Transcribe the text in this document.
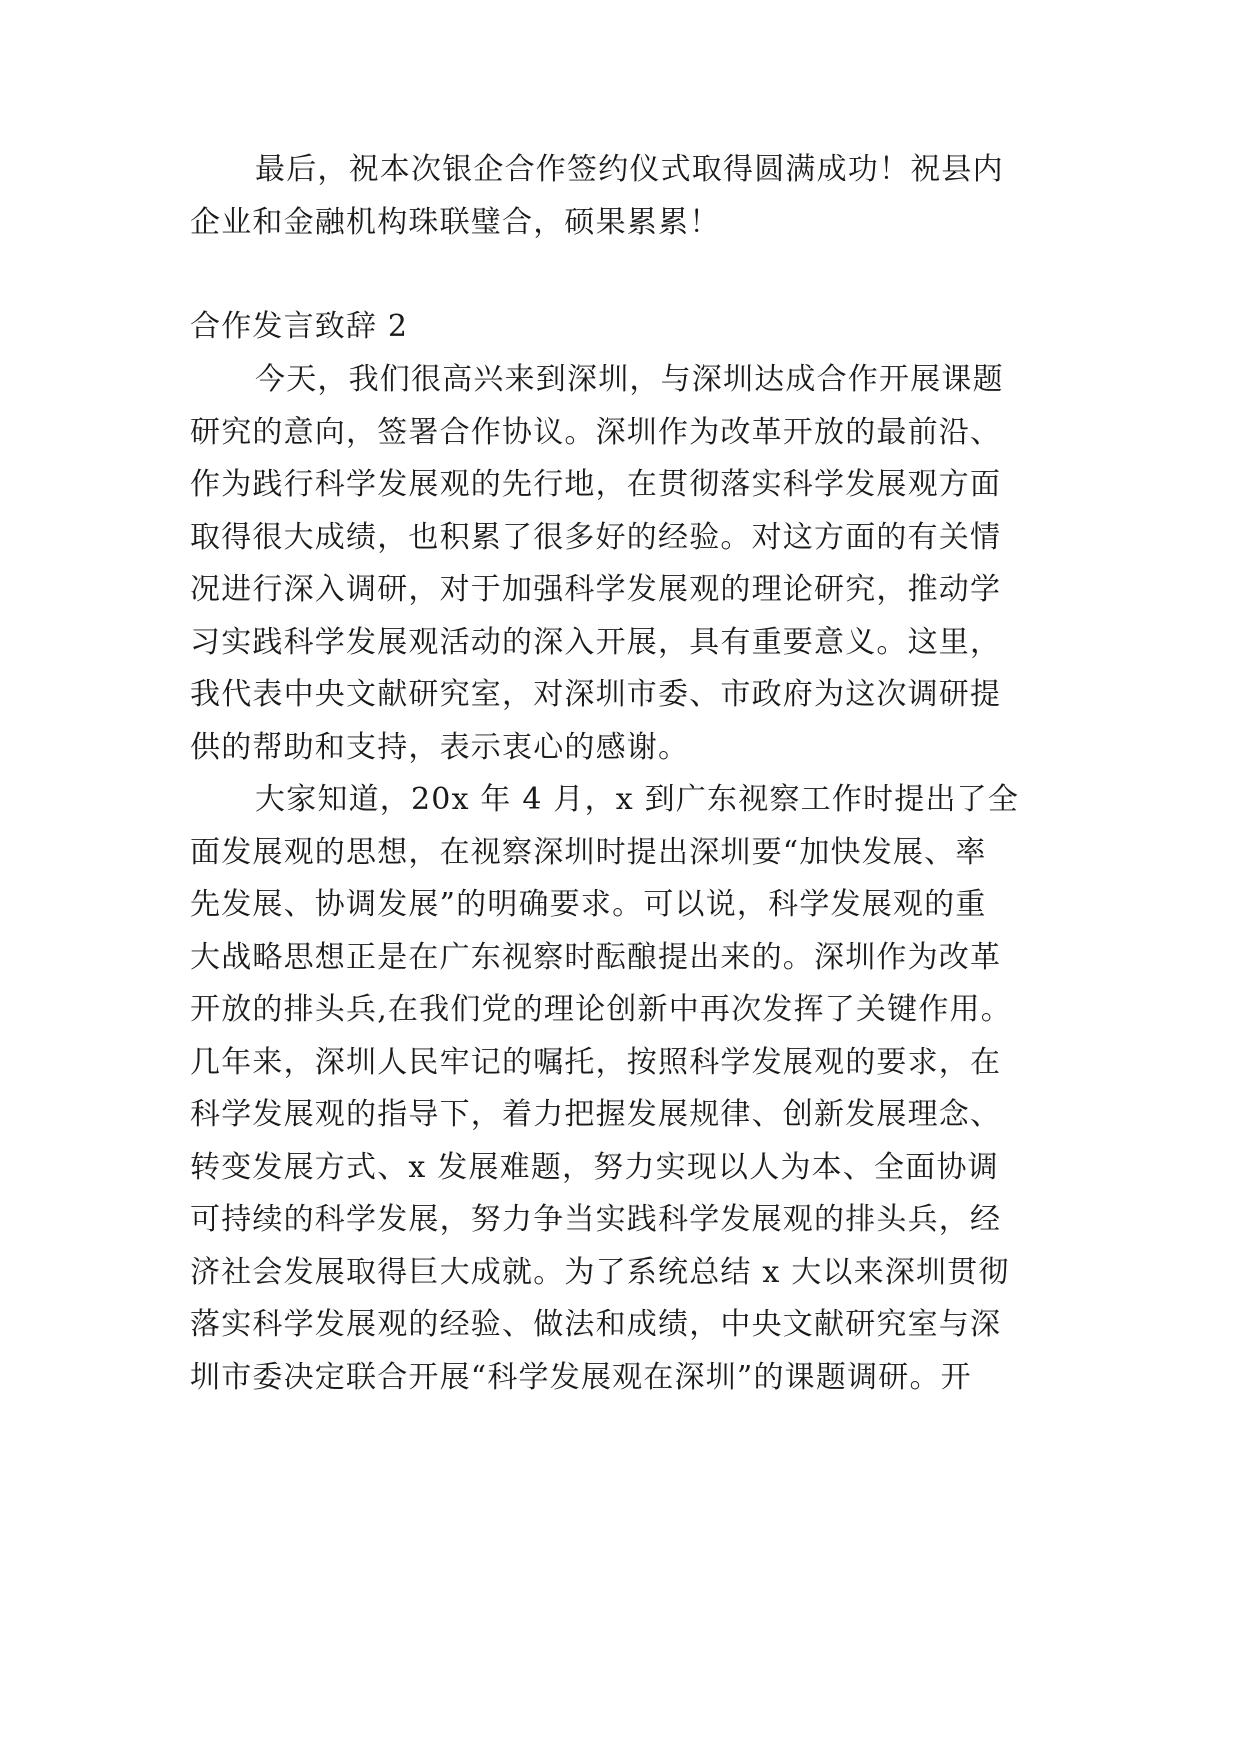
最后，祝本次银企合作签约仪式取得圆满成功！祝县内
企业和金融机构珠联璧合，硕果累累！
合作发言致辞 2
今天，我们很高兴来到深圳，与深圳达成合作开展课题
研究的意向，签署合作协议。深圳作为改革开放的最前沿、
作为践行科学发展观的先行地，在贯彻落实科学发展观方面
取得很大成绩，也积累了很多好的经验。对这方面的有关情
况进行深入调研，对于加强科学发展观的理论研究，推动学
习实践科学发展观活动的深入开展，具有重要意义。这里，
我代表中央文献研究室，对深圳市委、市政府为这次调研提
供的帮助和支持，表示衷心的感谢。
大家知道，20x 年 4 月，x 到广东视察工作时提出了全
面发展观的思想，在视察深圳时提出深圳要“加快发展、率
先发展、协调发展”的明确要求。可以说，科学发展观的重
大战略思想正是在广东视察时酝酿提出来的。深圳作为改革
开放的排头兵,在我们党的理论创新中再次发挥了关键作用。
几年来，深圳人民牢记的嘱托，按照科学发展观的要求，在
科学发展观的指导下，着力把握发展规律、创新发展理念、
转变发展方式、x 发展难题，努力实现以人为本、全面协调
可持续的科学发展，努力争当实践科学发展观的排头兵，经
济社会发展取得巨大成就。为了系统总结 x 大以来深圳贯彻
落实科学发展观的经验、做法和成绩，中央文献研究室与深
圳市委决定联合开展“科学发展观在深圳”的课题调研。开
